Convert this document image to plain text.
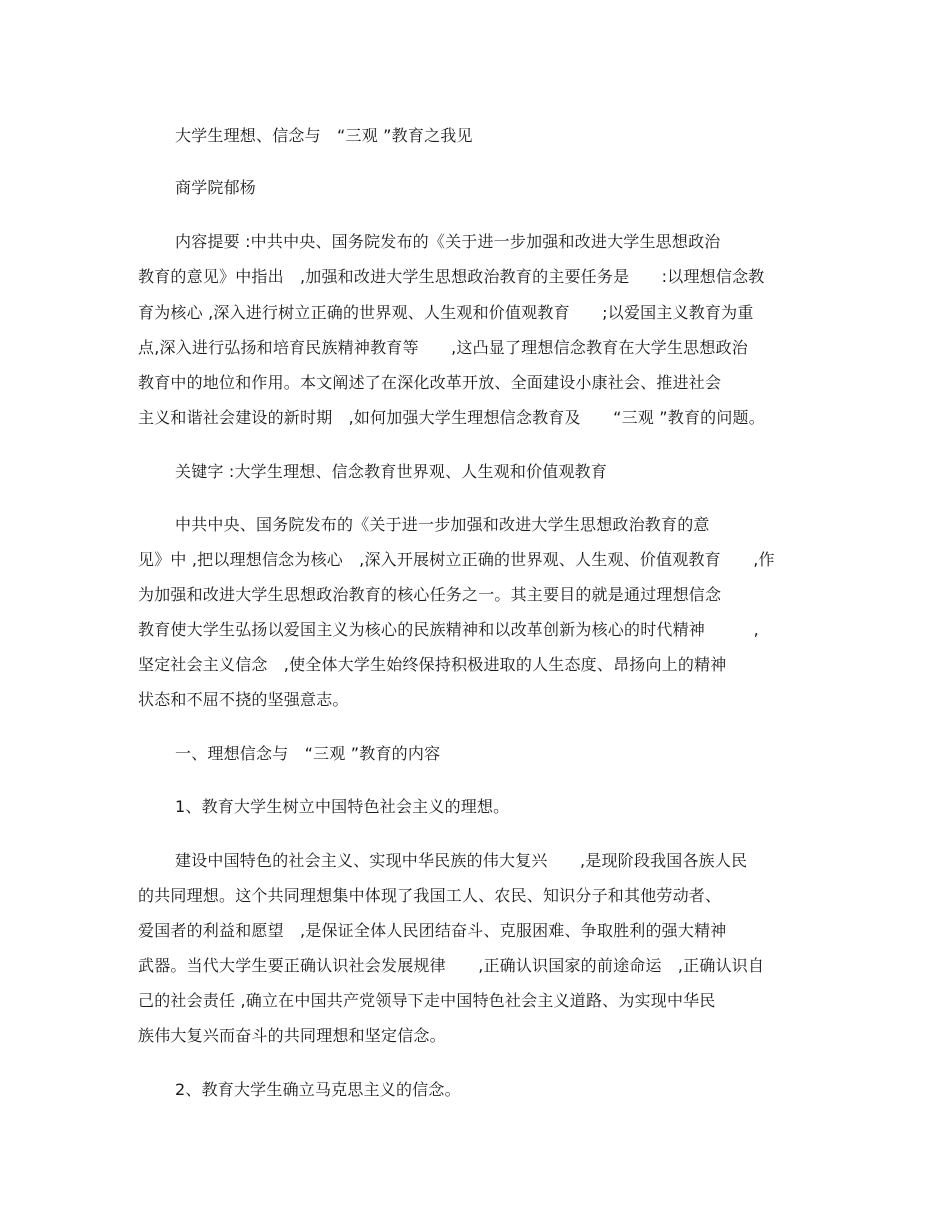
大学生理想、信念与　“三观 ”教育之我见
商学院郁杨
内容提要 :中共中央、国务院发布的《关于进一步加强和改进大学生思想政治
教育的意见》中指出　,加强和改进大学生思想政治教育的主要任务是　　:以理想信念教
育为核心 ,深入进行树立正确的世界观、人生观和价值观教育　　;以爱国主义教育为重
点,深入进行弘扬和培育民族精神教育等　　,这凸显了理想信念教育在大学生思想政治
教育中的地位和作用。本文阐述了在深化改革开放、全面建设小康社会、推进社会
主义和谐社会建设的新时期　,如何加强大学生理想信念教育及　　“三观 ”教育的问题。
关键字 :大学生理想、信念教育世界观、人生观和价值观教育
中共中央、国务院发布的《关于进一步加强和改进大学生思想政治教育的意
见》中 ,把以理想信念为核心　,深入开展树立正确的世界观、人生观、价值观教育　　,作
为加强和改进大学生思想政治教育的核心任务之一。其主要目的就是通过理想信念
教育使大学生弘扬以爱国主义为核心的民族精神和以改革创新为核心的时代精神　　　,
坚定社会主义信念　,使全体大学生始终保持积极进取的人生态度、昂扬向上的精神
状态和不屈不挠的坚强意志。
一、理想信念与　“三观 ”教育的内容
1、教育大学生树立中国特色社会主义的理想。
建设中国特色的社会主义、实现中华民族的伟大复兴　　,是现阶段我国各族人民
的共同理想。这个共同理想集中体现了我国工人、农民、知识分子和其他劳动者、
爱国者的利益和愿望　,是保证全体人民团结奋斗、克服困难、争取胜利的强大精神
武器。当代大学生要正确认识社会发展规律　　,正确认识国家的前途命运　,正确认识自
己的社会责任 ,确立在中国共产党领导下走中国特色社会主义道路、为实现中华民
族伟大复兴而奋斗的共同理想和坚定信念。
2、教育大学生确立马克思主义的信念。
